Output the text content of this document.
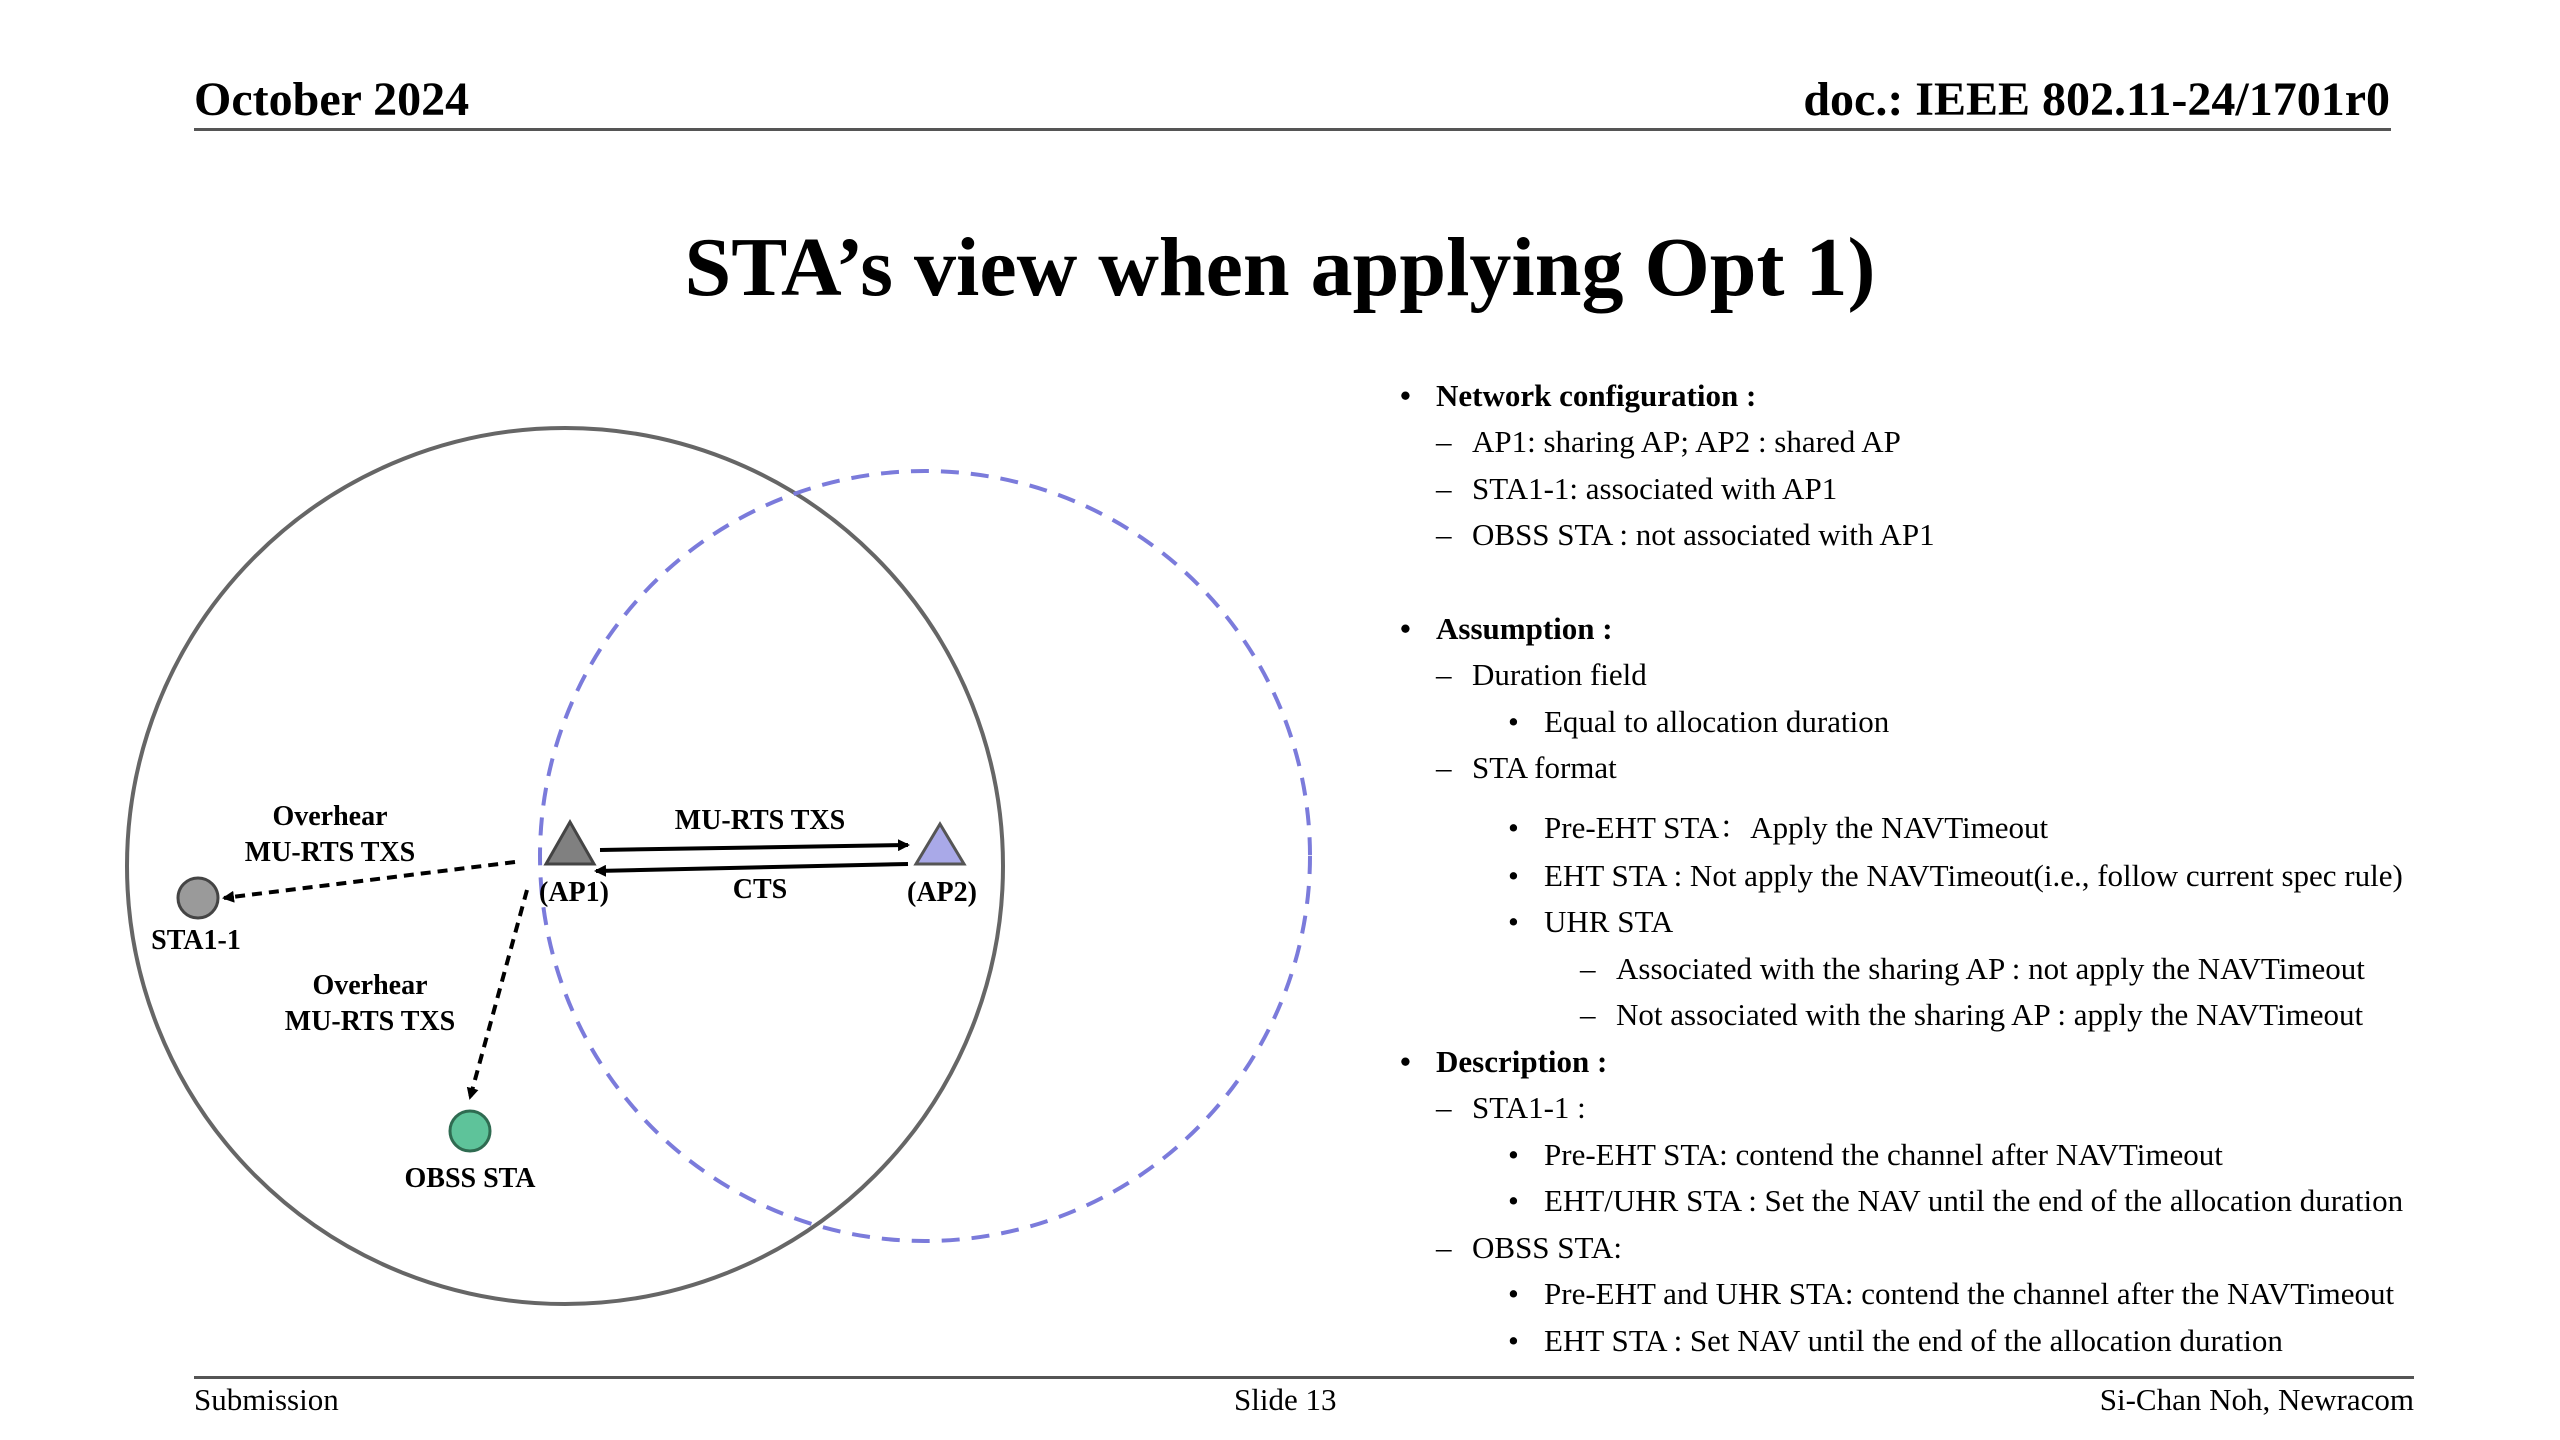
October 2024	doc.: IEEE 802.11-24/1701r0
STA’s view when applying Opt 1)
Overhear
MU-RTS TXS
MU-RTS TXS
CTS
(AP1)	(AP2)
STA1-1
Overhear
MU-RTS TXS
OBSS STA
• Network configuration :
– AP1: sharing AP; AP2 : shared AP
– STA1-1: associated with AP1
– OBSS STA : not associated with AP1
• Assumption :
– Duration field
• Equal to allocation duration
– STA format
• Pre-EHT STA：Apply the NAVTimeout
• EHT STA : Not apply the NAVTimeout(i.e., follow current spec rule)
• UHR STA
– Associated with the sharing AP : not apply the NAVTimeout
– Not associated with the sharing AP : apply the NAVTimeout
• Description :
– STA1-1 :
• Pre-EHT STA: contend the channel after NAVTimeout
• EHT/UHR STA : Set the NAV until the end of the allocation duration
– OBSS STA:
• Pre-EHT and UHR STA: contend the channel after the NAVTimeout
• EHT STA : Set NAV until the end of the allocation duration
Submission	Slide 13	Si-Chan Noh, Newracom
